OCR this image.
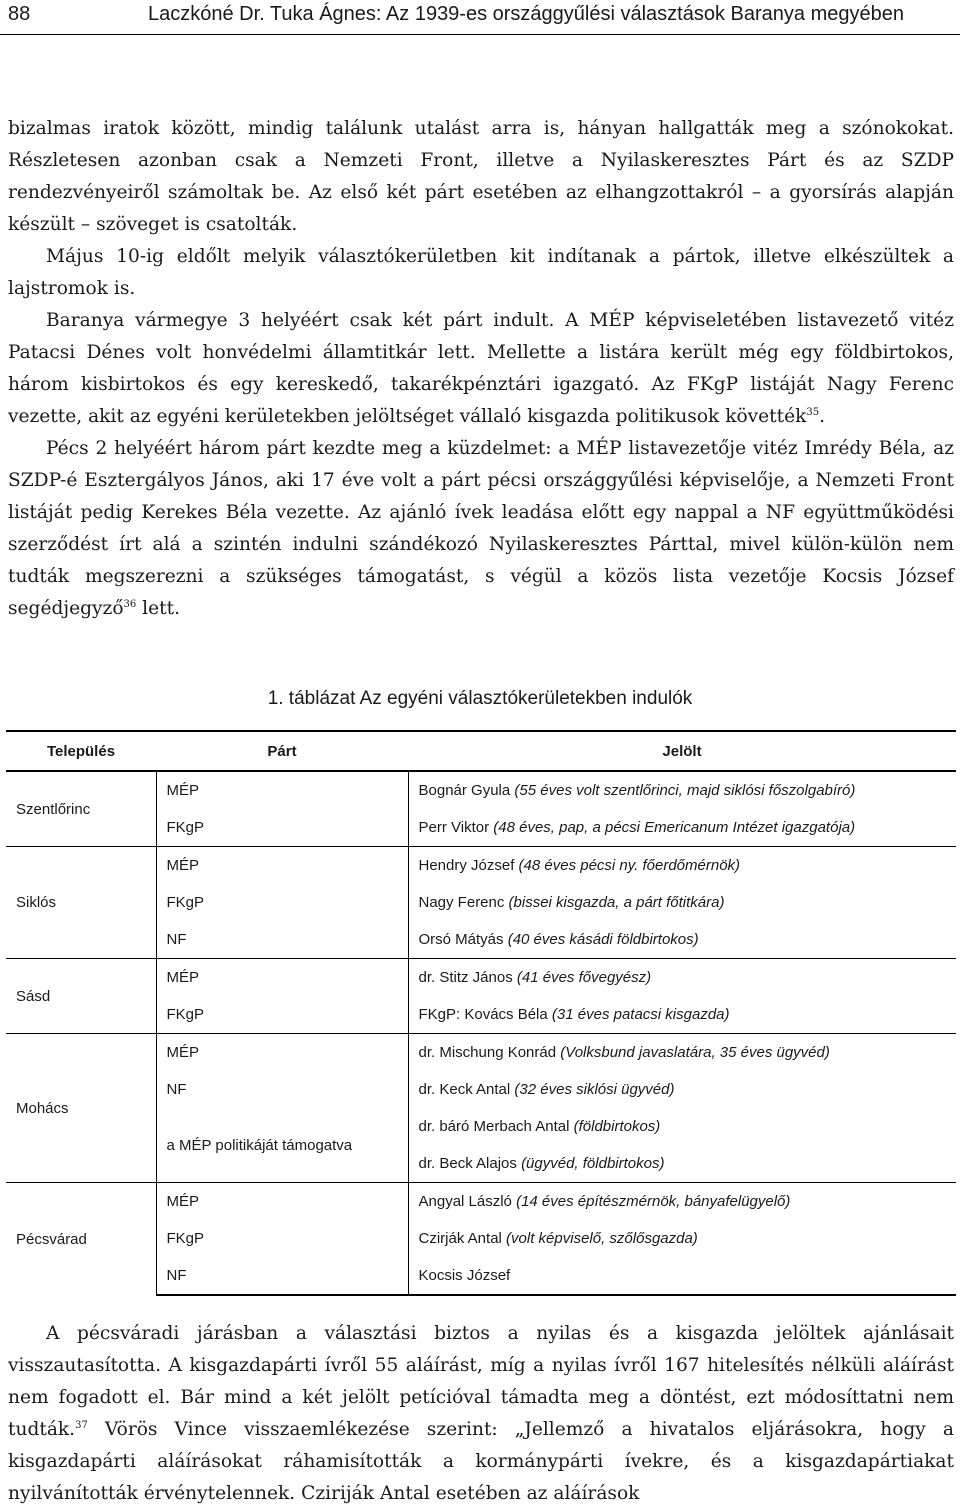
88	Laczkóné Dr. Tuka Ágnes: Az 1939-es országgyűlési választások Baranya megyében

bizalmas iratok között, mindig találunk utalást arra is, hányan hallgatták meg a szónokokat. Részletesen azonban csak a Nemzeti Front, illetve a Nyilaskeresztes Párt és az SZDP rendezvényeiről számoltak be. Az első két párt esetében az elhangzottakról – a gyorsírás alapján készült – szöveget is csatolták.

Május 10-ig eldőlt melyik választókerületben kit indítanak a pártok, illetve elkészültek a lajstromok is.

Baranya vármegye 3 helyéért csak két párt indult. A MÉP képviseletében listavezető vitéz Patacsi Dénes volt honvédelmi államtitkár lett. Mellette a listára került még egy földbirtokos, három kisbirtokos és egy kereskedő, takarékpénztári igazgató. Az FKgP listáját Nagy Ferenc vezette, akit az egyéni kerületekben jelöltséget vállaló kisgazda politikusok követték$^{35}$.

Pécs 2 helyéért három párt kezdte meg a küzdelmet: a MÉP listavezetője vitéz Imrédy Béla, az SZDP-é Esztergályos János, aki 17 éve volt a párt pécsi országgyűlési képviselője, a Nemzeti Front listáját pedig Kerekes Béla vezette. Az ajánló ívek leadása előtt egy nappal a NF együttműködési szerződést írt alá a szintén indulni szándékozó Nyilaskeresztes Párttal, mivel külön-külön nem tudták megszerezni a szükséges támogatást, s végül a közös lista vezetője Kocsis József segédjegyző$^{36}$ lett.

1. táblázat Az egyéni választókerületekben indulók
Település	Párt	Jelölt
Szentlőrinc	MÉP	Bognár Gyula (55 éves volt szentlőrinci, majd siklósi főszolgabíró)
	FKgP	Perr Viktor (48 éves, pap, a pécsi Emericanum Intézet igazgatója)
Siklós	MÉP	Hendry József (48 éves pécsi ny. főerdőmérnök)
	FKgP	Nagy Ferenc (bissei kisgazda, a párt főtitkára)
	NF	Orsó Mátyás (40 éves kásádi földbirtokos)
Sásd	MÉP	dr. Stitz János (41 éves fővegyész)
	FKgP	FKgP: Kovács Béla (31 éves patacsi kisgazda)
Mohács	MÉP	dr. Mischung Konrád (Volksbund javaslatára, 35 éves ügyvéd)
	NF	dr. Keck Antal (32 éves siklósi ügyvéd)
	a MÉP politikáját támogatva	dr. báró Merbach Antal (földbirtokos)
		dr. Beck Alajos (ügyvéd, földbirtokos)
Pécsvárad	MÉP	Angyal László (14 éves építészmérnök, bányafelügyelő)
	FKgP	Czirják Antal (volt képviselő, szőlősgazda)
	NF	Kocsis József

A pécsváradi járásban a választási biztos a nyilas és a kisgazda jelöltek ajánlásait visszautasította. A kisgazdapárti ívről 55 aláírást, míg a nyilas ívről 167 hitelesítés nélküli aláírást nem fogadott el. Bár mind a két jelölt petícióval támadta meg a döntést, ezt módosíttatni nem tudták.$^{37}$ Vörös Vince visszaemlékezése szerint: „Jellemző a hivatalos eljárásokra, hogy a kisgazdapárti aláírásokat ráhamisították a kormánypárti ívekre, és a kisgazdapártiakat nyilvánították érvénytelennek. Cziriják Antal esetében az aláírások
